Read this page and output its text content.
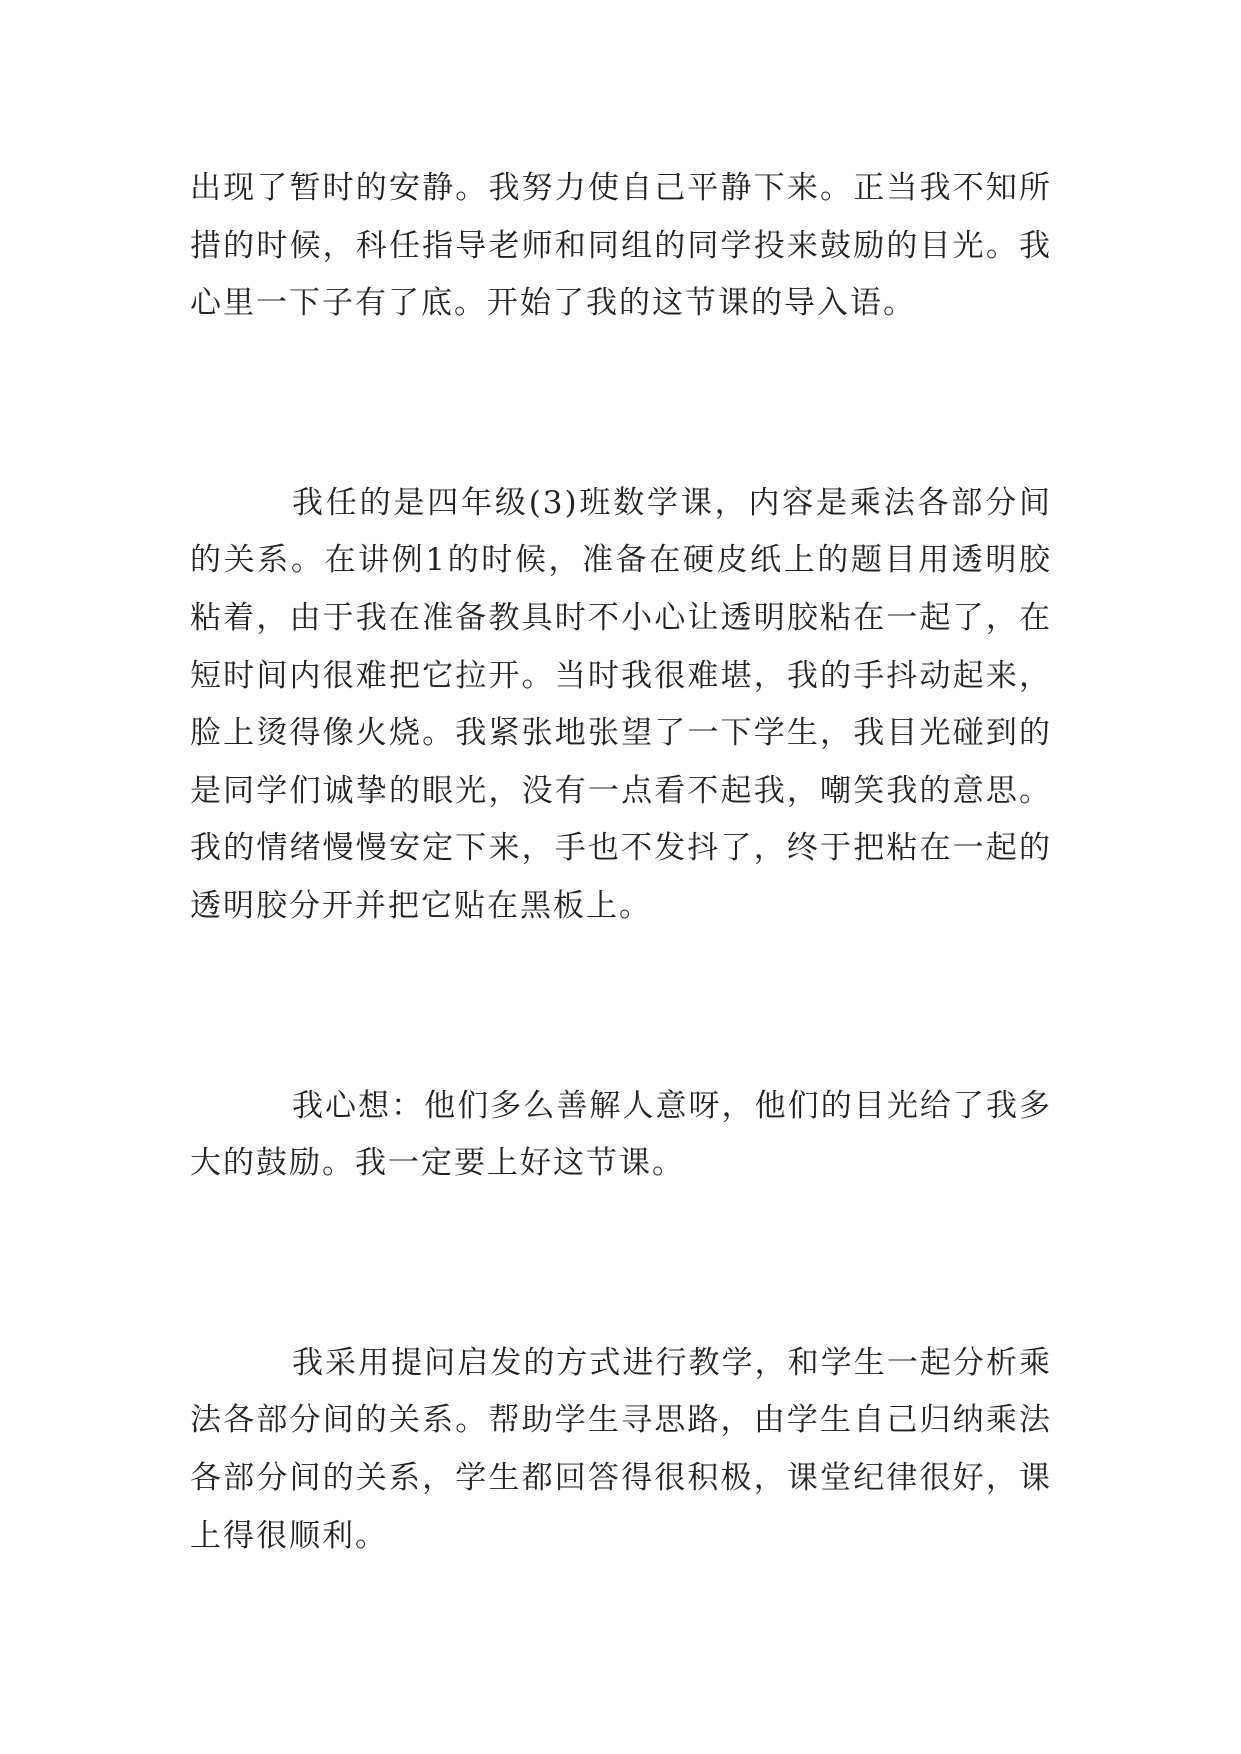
出现了暂时的安静。我努力使自己平静下来。正当我不知所措的时候，科任指导老师和同组的同学投来鼓励的目光。我心里一下子有了底。开始了我的这节课的导入语。

我任的是四年级(3)班数学课，内容是乘法各部分间的关系。在讲例1的时候，准备在硬皮纸上的题目用透明胶粘着，由于我在准备教具时不小心让透明胶粘在一起了，在短时间内很难把它拉开。当时我很难堪，我的手抖动起来，脸上烫得像火烧。我紧张地张望了一下学生，我目光碰到的是同学们诚挚的眼光，没有一点看不起我，嘲笑我的意思。我的情绪慢慢安定下来，手也不发抖了，终于把粘在一起的透明胶分开并把它贴在黑板上。

我心想：他们多么善解人意呀，他们的目光给了我多大的鼓励。我一定要上好这节课。

我采用提问启发的方式进行教学，和学生一起分析乘法各部分间的关系。帮助学生寻思路，由学生自己归纳乘法各部分间的关系，学生都回答得很积极，课堂纪律很好，课上得很顺利。
